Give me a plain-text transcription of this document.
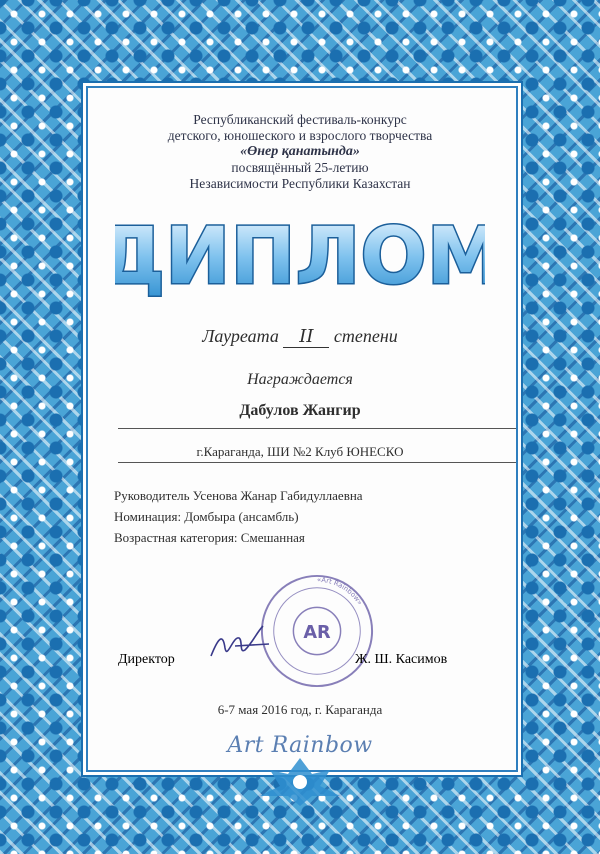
Республиканский фестиваль-конкурс
детского, юношеского и взрослого творчества
«Өнер қанатында»
посвящённый 25-летию
Независимости Республики Казахстан
ДИПЛОМ
Лауреата II степени
Награждается
Дабулов Жангир
г.Караганда, ШИ №2 Клуб ЮНЕСКО
Руководитель Усенова Жанар Габидуллаевна
Номинация: Домбыра (ансамбль)
Возрастная категория: Смешанная
«Art Rainbow»
AR
Директор	Ж. Ш. Касимов
6-7 мая 2016 год, г. Караганда
Art Rainbow
